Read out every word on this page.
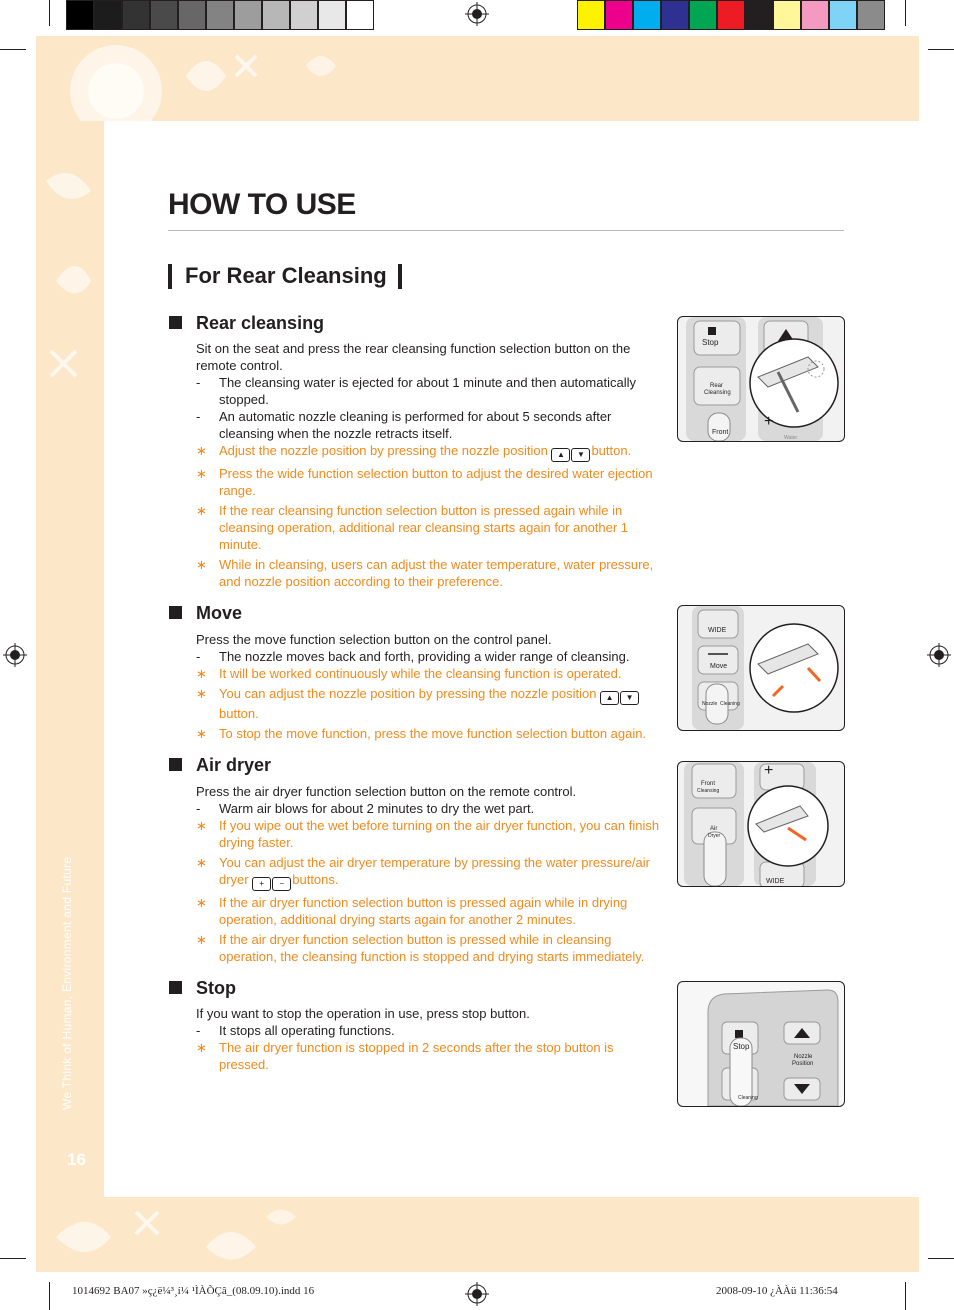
We Think of Human, Environment and Future
16
HOW TO USE
For Rear Cleansing
Rear cleansing

Sit on the seat and press the rear cleansing function selection button on the remote control.

- The cleansing water is ejected for about 1 minute and then automatically stopped.
- An automatic nozzle cleaning is performed for about 5 seconds after cleansing when the nozzle retracts itself.
∗ Adjust the nozzle position by pressing the nozzle position ▲ ▼ button.
∗ Press the wide function selection button to adjust the desired water ejection range.
∗ If the rear cleansing function selection button is pressed again while in cleansing operation, additional rear cleansing starts again for another 1 minute.
∗ While in cleansing, users can adjust the water temperature, water pressure, and nozzle position according to their preference.
Stop
Rear
Cleansing
Front
+
Water
Move

Press the move function selection button on the control panel.

- The nozzle moves back and forth, providing a wider range of cleansing.
∗ It will be worked continuously while the cleansing function is operated.
∗ You can adjust the nozzle position by pressing the nozzle position ▲ ▼ button.
∗ To stop the move function, press the move function selection button again.
WIDE
Move
Nozzle Cleaning
Air dryer

Press the air dryer function selection button on the remote control.

- Warm air blows for about 2 minutes to dry the wet part.
∗ If you wipe out the wet before turning on the air dryer function, you can finish drying faster.
∗ You can adjust the air dryer temperature by pressing the water pressure/air dryer + − buttons.
∗ If the air dryer function selection button is pressed again while in drying operation, additional drying starts again for another 2 minutes.
∗ If the air dryer function selection button is pressed while in cleansing operation, the cleansing function is stopped and drying starts immediately.
Front
Cleansing
Air
Dryer
WIDE
+
Stop

If you want to stop the operation in use, press stop button.

- It stops all operating functions.
∗ The air dryer function is stopped in 2 seconds after the stop button is pressed.
Stop
Nozzle
Position
Cleaning
1014692 BA07 »ç¿ë¼³¸í¼ ¹ÌÀÕÇâ_(08.09.10).indd 16	2008-09-10 ¿ÀÀü 11:36:54
